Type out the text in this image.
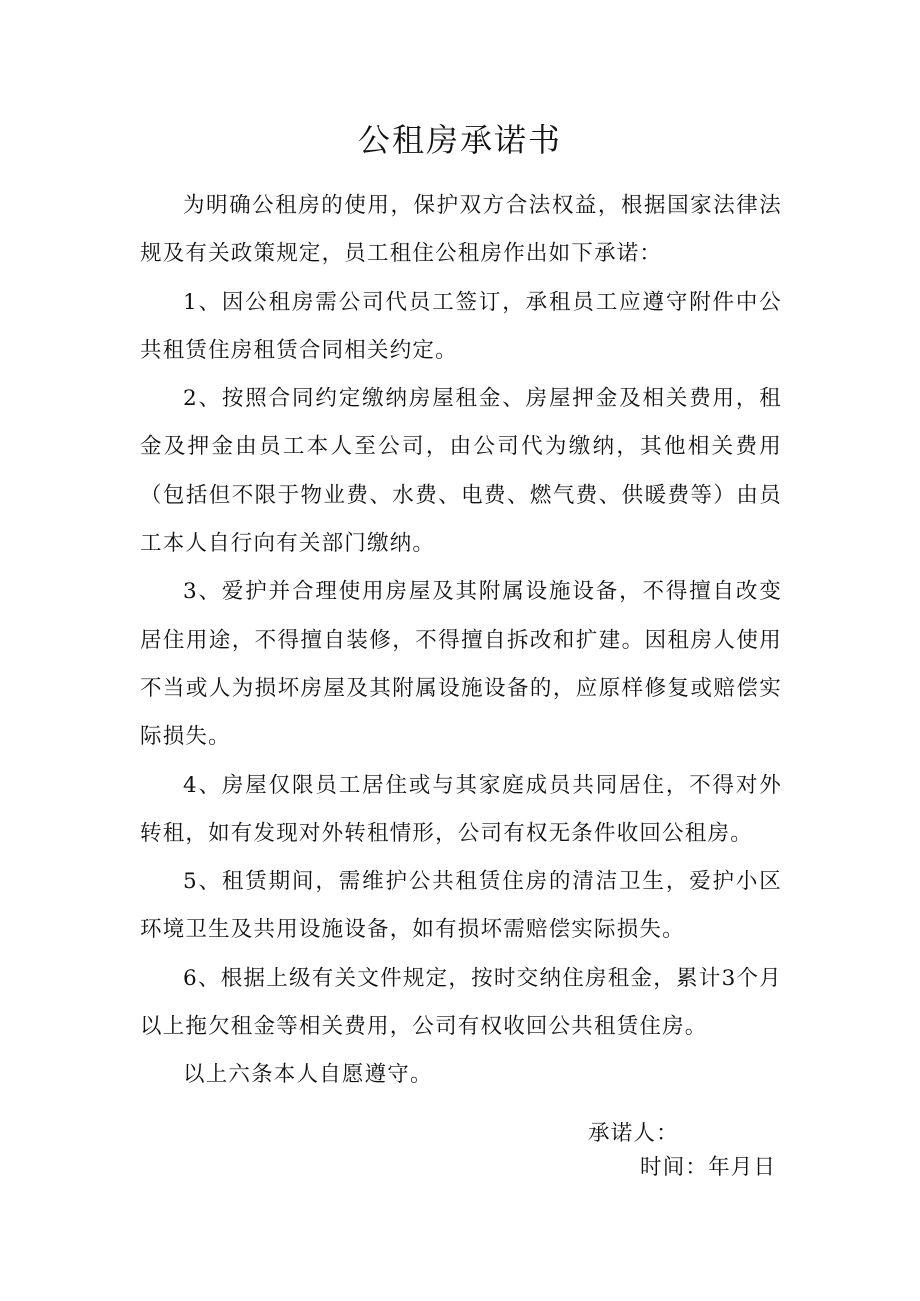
公租房承诺书

为明确公租房的使用，保护双方合法权益，根据国家法律法规及有关政策规定，员工租住公租房作出如下承诺：

1、因公租房需公司代员工签订，承租员工应遵守附件中公共租赁住房租赁合同相关约定。

2、按照合同约定缴纳房屋租金、房屋押金及相关费用，租金及押金由员工本人至公司，由公司代为缴纳，其他相关费用（包括但不限于物业费、水费、电费、燃气费、供暖费等）由员工本人自行向有关部门缴纳。

3、爱护并合理使用房屋及其附属设施设备，不得擅自改变居住用途，不得擅自装修，不得擅自拆改和扩建。因租房人使用不当或人为损坏房屋及其附属设施设备的，应原样修复或赔偿实际损失。

4、房屋仅限员工居住或与其家庭成员共同居住，不得对外转租，如有发现对外转租情形，公司有权无条件收回公租房。

5、租赁期间，需维护公共租赁住房的清洁卫生，爱护小区环境卫生及共用设施设备，如有损坏需赔偿实际损失。

6、根据上级有关文件规定，按时交纳住房租金，累计3个月以上拖欠租金等相关费用，公司有权收回公共租赁住房。

以上六条本人自愿遵守。

承诺人：
时间：年月日
